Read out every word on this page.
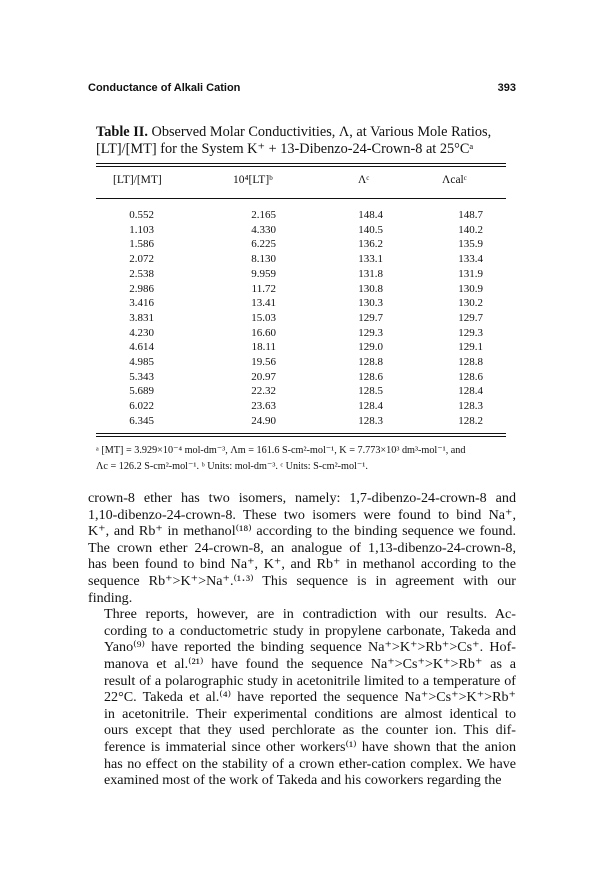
Conductance of Alkali Cation	393
Table II. Observed Molar Conductivities, Λ, at Various Mole Ratios,
[LT]/[MT] for the System K⁺ + 13-Dibenzo-24-Crown-8 at 25°Cᵃ
[LT]/[MT]	10⁴[LT]ᵇ	Λᶜ	Λcalᶜ
0.552	2.165	148.4	148.7
1.103	4.330	140.5	140.2
1.586	6.225	136.2	135.9
2.072	8.130	133.1	133.4
2.538	9.959	131.8	131.9
2.986	11.72	130.8	130.9
3.416	13.41	130.3	130.2
3.831	15.03	129.7	129.7
4.230	16.60	129.3	129.3
4.614	18.11	129.0	129.1
4.985	19.56	128.8	128.8
5.343	20.97	128.6	128.6
5.689	22.32	128.5	128.4
6.022	23.63	128.4	128.3
6.345	24.90	128.3	128.2
ᵃ [MT] = 3.929×10⁻⁴ mol-dm⁻³, Λm = 161.6 S-cm²-mol⁻¹, K = 7.773×10³ dm³-mol⁻¹, and
Λc = 126.2 S-cm²-mol⁻¹. ᵇ Units: mol-dm⁻³. ᶜ Units: S-cm²-mol⁻¹.

crown-8 ether has two isomers, namely: 1,7-dibenzo-24-crown-8 and
1,10-dibenzo-24-crown-8. These two isomers were found to bind Na⁺,
K⁺, and Rb⁺ in methanol⁽¹⁸⁾ according to the binding sequence we found.
The crown ether 24-crown-8, an analogue of 1,13-dibenzo-24-crown-8,
has been found to bind Na⁺, K⁺, and Rb⁺ in methanol according to the
sequence Rb⁺>K⁺>Na⁺.⁽¹·³⁾ This sequence is in agreement with our
finding.

Three reports, however, are in contradiction with our results. Ac-
cording to a conductometric study in propylene carbonate, Takeda and
Yano⁽⁹⁾ have reported the binding sequence Na⁺>K⁺>Rb⁺>Cs⁺. Hof-
manova et al.⁽²¹⁾ have found the sequence Na⁺>Cs⁺>K⁺>Rb⁺ as a
result of a polarographic study in acetonitrile limited to a temperature of
22°C. Takeda et al.⁽⁴⁾ have reported the sequence Na⁺>Cs⁺>K⁺>Rb⁺
in acetonitrile. Their experimental conditions are almost identical to
ours except that they used perchlorate as the counter ion. This dif-
ference is immaterial since other workers⁽¹⁾ have shown that the anion
has no effect on the stability of a crown ether-cation complex. We have
examined most of the work of Takeda and his coworkers regarding the
